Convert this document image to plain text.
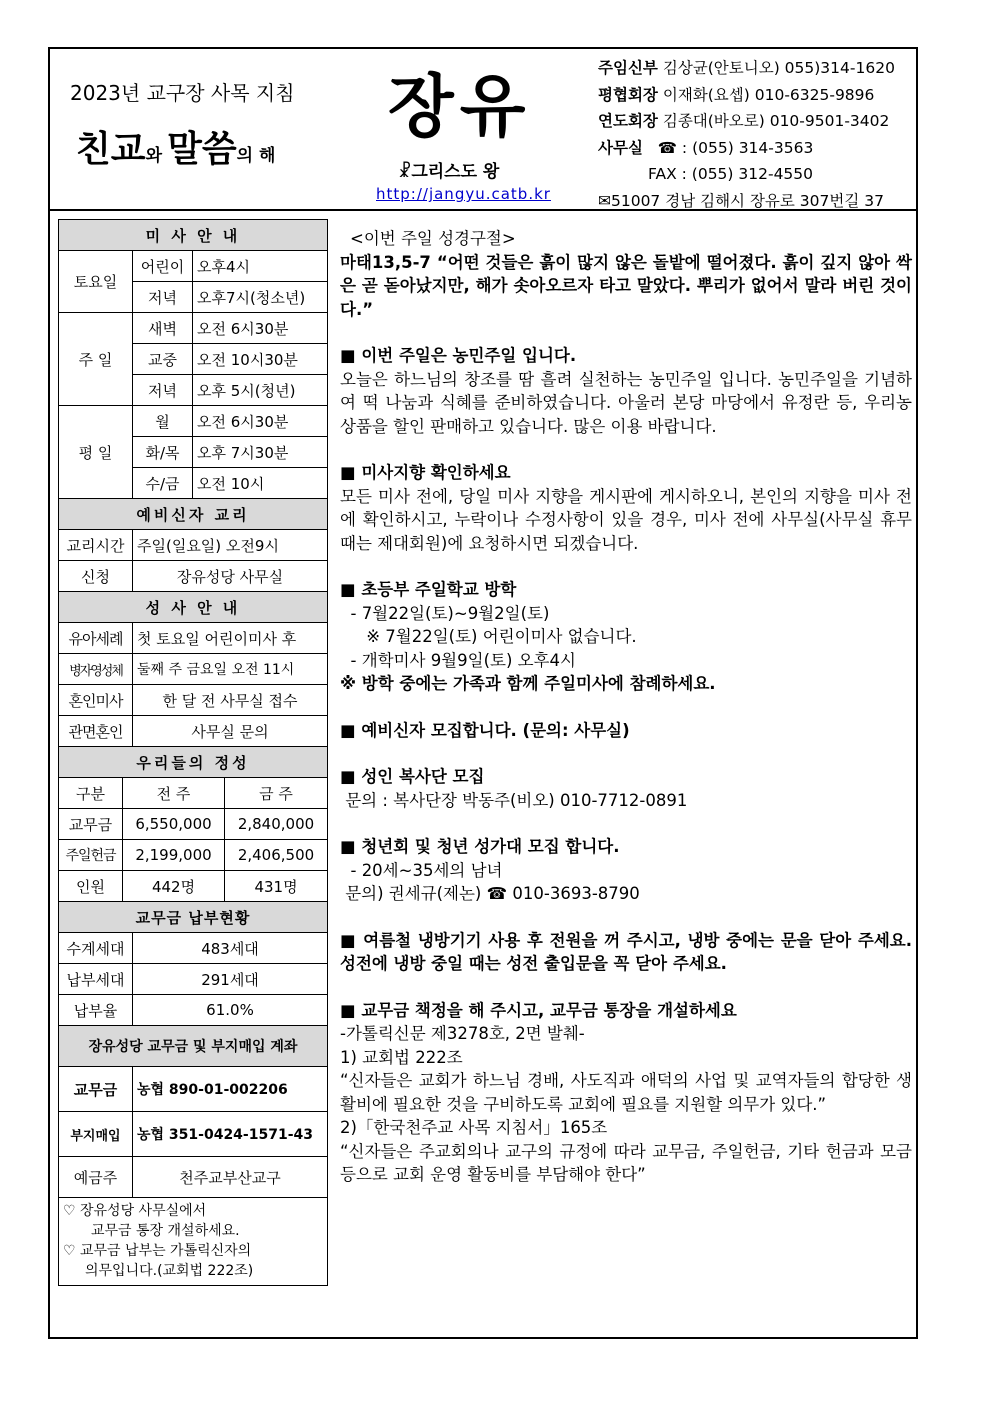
2023년 교구장 사목 지침
친교와 말씀의 해
장유
☧그리스도 왕
http://jangyu.catb.kr
주임신부 김상균(안토니오) 055)314-1620
평협회장 이재화(요셉) 010-6325-9896
연도회장 김종대(바오로) 010-9501-3402
사무실 ☎ : (055) 314-3563
FAX : (055) 312-4550
✉51007 경남 김해시 장유로 307번길 37
미 사 안 내		
토요일	어린이	오후4시
	저녁	오후7시(청소년)
주 일	새벽	오전 6시30분
	교중	오전 10시30분
	저녁	오후 5시(청년)
평 일	월	오전 6시30분
	화/목	오후 7시30분
	수/금	오전 10시
예비신자 교리	
교리시간	주일(일요일) 오전9시
신청	장유성당 사무실
성 사 안 내	
유아세례	첫 토요일 어린이미사 후
병자영성체	둘째 주 금요일 오전 11시
혼인미사	한 달 전 사무실 접수
관면혼인	사무실 문의
우리들의 정성		
구분	전 주	금 주
교무금	6,550,000	2,840,000
주일헌금	2,199,000	2,406,500
인원	442명	431명
교무금 납부현황	
수계세대	483세대
납부세대	291세대
납부율	61.0%
장유성당 교무금 및 부지매입 계좌	
교무금	농협 890-01-002206
부지매입	농협 351-0424-1571-43
예금주	천주교부산교구
♡ 장유성당 사무실에서
교무금 통장 개설하세요.
♡ 교무금 납부는 가톨릭신자의
의무입니다.(교회법 222조)

<이번 주일 성경구절>

마태13,5-7 “어떤 것들은 흙이 많지 않은 돌밭에 떨어졌다. 흙이 깊지 않아 싹은 곧 돋아났지만, 해가 솟아오르자 타고 말았다. 뿌리가 없어서 말라 버린 것이다.”

■ 이번 주일은 농민주일 입니다.

오늘은 하느님의 창조를 땀 흘려 실천하는 농민주일 입니다. 농민주일을 기념하여 떡 나눔과 식혜를 준비하였습니다. 아울러 본당 마당에서 유정란 등, 우리농 상품을 할인 판매하고 있습니다. 많은 이용 바랍니다.

■ 미사지향 확인하세요

모든 미사 전에, 당일 미사 지향을 게시판에 게시하오니, 본인의 지향을 미사 전에 확인하시고, 누락이나 수정사항이 있을 경우, 미사 전에 사무실(사무실 휴무 때는 제대회원)에 요청하시면 되겠습니다.

■ 초등부 주일학교 방학

- 7월22일(토)~9월2일(토)

※ 7월22일(토) 어린이미사 없습니다.

- 개학미사 9월9일(토) 오후4시

※ 방학 중에는 가족과 함께 주일미사에 참례하세요.

■ 예비신자 모집합니다. (문의: 사무실)

■ 성인 복사단 모집

문의 : 복사단장 박동주(비오) 010-7712-0891

■ 청년회 및 청년 성가대 모집 합니다.

- 20세~35세의 남녀

문의) 권세규(제논) ☎ 010-3693-8790

■ 여름철 냉방기기 사용 후 전원을 꺼 주시고, 냉방 중에는 문을 닫아 주세요. 성전에 냉방 중일 때는 성전 출입문을 꼭 닫아 주세요.

■ 교무금 책정을 해 주시고, 교무금 통장을 개설하세요

-가톨릭신문 제3278호, 2면 발췌-

1) 교회법 222조

“신자들은 교회가 하느님 경배, 사도직과 애덕의 사업 및 교역자들의 합당한 생활비에 필요한 것을 구비하도록 교회에 필요를 지원할 의무가 있다.”

2)「한국천주교 사목 지침서」165조

“신자들은 주교회의나 교구의 규정에 따라 교무금, 주일헌금, 기타 헌금과 모금 등으로 교회 운영 활동비를 부담해야 한다”
